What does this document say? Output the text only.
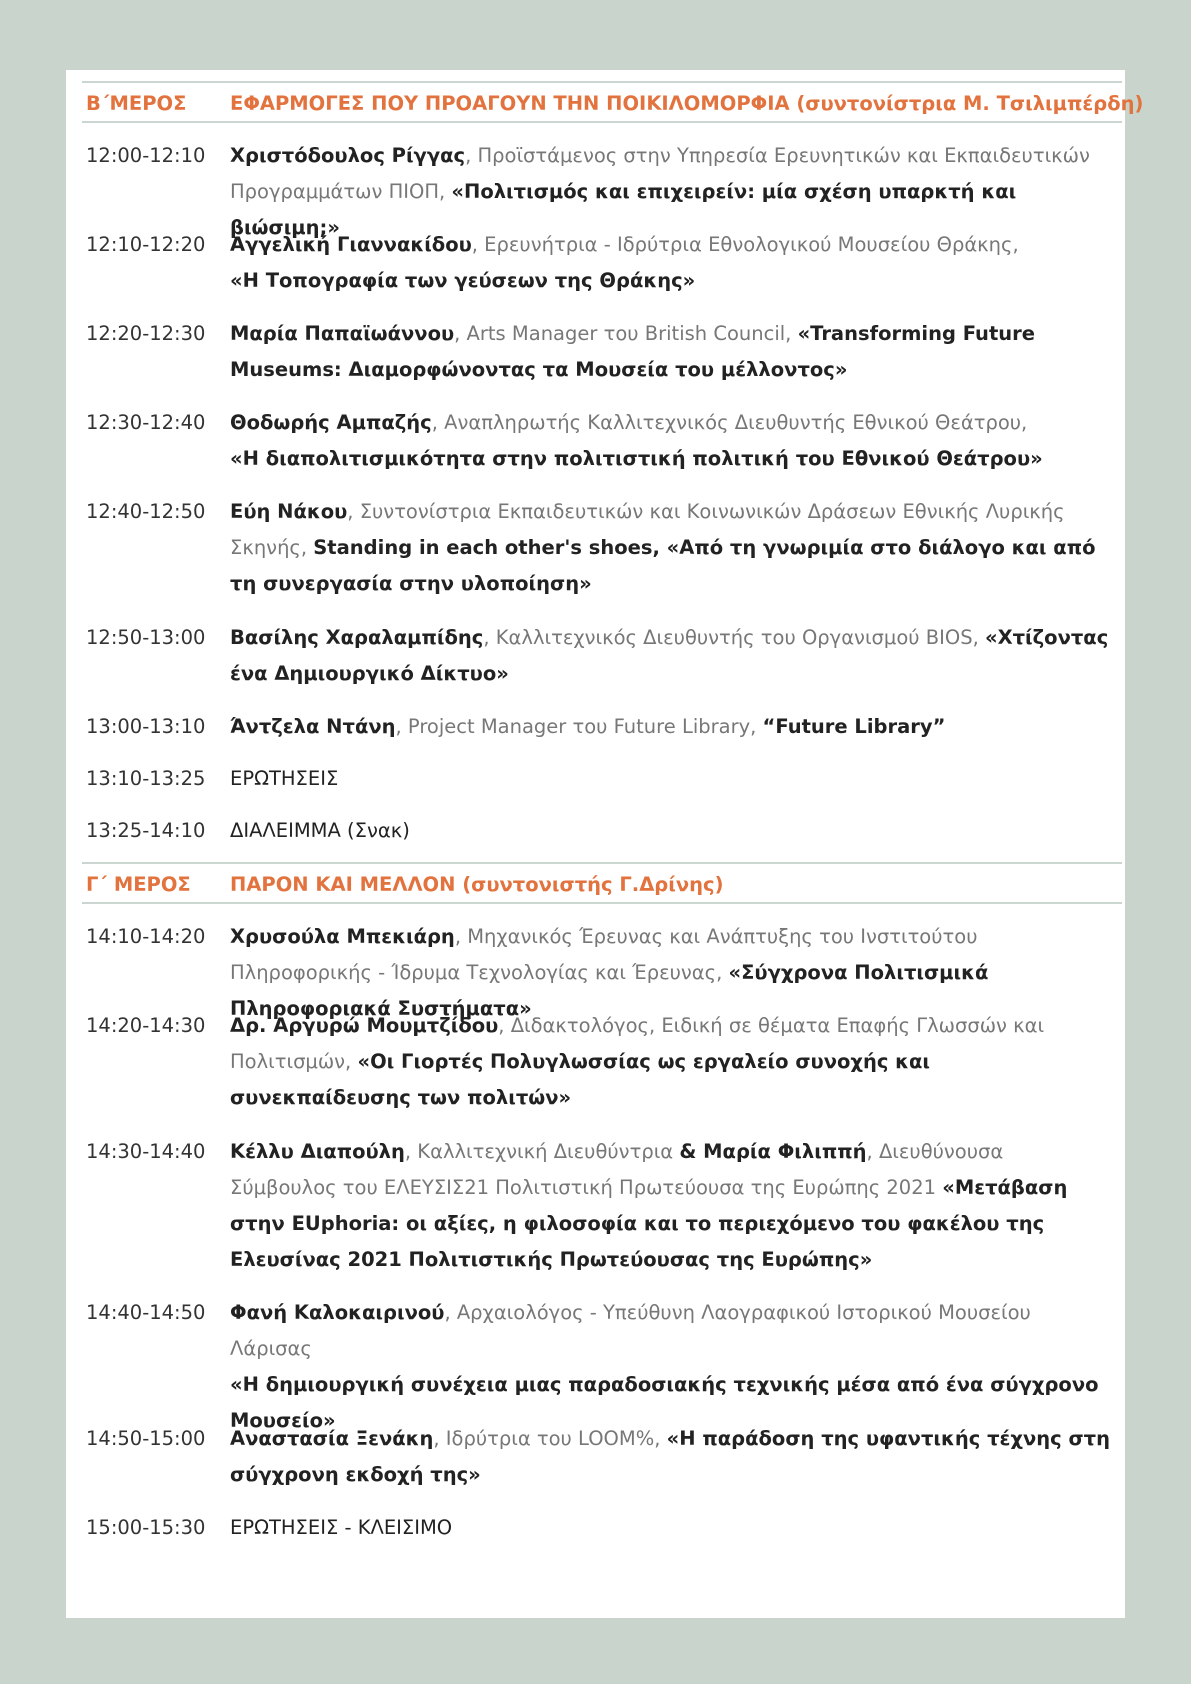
Β΄ΜΕΡΟΣ ΕΦΑΡΜΟΓΕΣ ΠΟΥ ΠΡΟΑΓΟΥΝ ΤΗΝ ΠΟΙΚΙΛΟΜΟΡΦΙΑ (συντονίστρια Μ. Τσιλιμπέρδη)
12:00-12:10	Χριστόδουλος Ρίγγας, Προϊστάμενος στην Υπηρεσία Ερευνητικών και Εκπαιδευτικών Προγραμμάτων ΠΙΟΠ, «Πολιτισμός και επιχειρείν: μία σχέση υπαρκτή και βιώσιμη;»
12:10-12:20	Αγγελική Γιαννακίδου, Ερευνήτρια - Ιδρύτρια Εθνολογικού Μουσείου Θράκης,
«Η Τοπογραφία των γεύσεων της Θράκης»
12:20-12:30	Μαρία Παπαϊωάννου, Arts Manager του British Council, «Transforming Future Museums: Διαμορφώνοντας τα Μουσεία του μέλλοντος»
12:30-12:40	Θοδωρής Αμπαζής, Αναπληρωτής Καλλιτεχνικός Διευθυντής Εθνικού Θεάτρου,
«Η διαπολιτισμικότητα στην πολιτιστική πολιτική του Εθνικού Θεάτρου»
12:40-12:50	Εύη Νάκου, Συντονίστρια Εκπαιδευτικών και Κοινωνικών Δράσεων Εθνικής Λυρικής Σκηνής, Standing in each other's shoes, «Από τη γνωριμία στο διάλογο και από τη συνεργασία στην υλοποίηση»
12:50-13:00	Βασίλης Χαραλαμπίδης, Καλλιτεχνικός Διευθυντής του Οργανισμού BIOS, «Χτίζοντας ένα Δημιουργικό Δίκτυο»
13:00-13:10	Άντζελα Ντάνη, Project Manager του Future Library, “Future Library”
13:10-13:25	ΕΡΩΤΗΣΕΙΣ
13:25-14:10	ΔΙΑΛΕΙΜΜΑ (Σνακ)
Γ΄ ΜΕΡΟΣ ΠΑΡΟΝ ΚΑΙ ΜΕΛΛΟΝ (συντονιστής Γ.Δρίνης)
14:10-14:20	Χρυσούλα Μπεκιάρη, Μηχανικός Έρευνας και Ανάπτυξης του Ινστιτούτου Πληροφορικής - Ίδρυμα Τεχνολογίας και Έρευνας, «Σύγχρονα Πολιτισμικά Πληροφοριακά Συστήματα»
14:20-14:30	Δρ. Αργυρώ Μουμτζίδου, Διδακτολόγος, Ειδική σε θέματα Επαφής Γλωσσών και Πολιτισμών, «Οι Γιορτές Πολυγλωσσίας ως εργαλείο συνοχής και συνεκπαίδευσης των πολιτών»
14:30-14:40	Κέλλυ Διαπούλη, Καλλιτεχνική Διευθύντρια & Μαρία Φιλιππή, Διευθύνουσα Σύμβουλος του ΕΛΕΥΣΙΣ21 Πολιτιστική Πρωτεύουσα της Ευρώπης 2021 «Μετάβαση στην EUphoria: οι αξίες, η φιλοσοφία και το περιεχόμενο του φακέλου της Ελευσίνας 2021 Πολιτιστικής Πρωτεύουσας της Ευρώπης»
14:40-14:50	Φανή Καλοκαιρινού, Αρχαιολόγος - Υπεύθυνη Λαογραφικού Ιστορικού Μουσείου Λάρισας
«Η δημιουργική συνέχεια μιας παραδοσιακής τεχνικής μέσα από ένα σύγχρονο Μουσείο»
14:50-15:00	Αναστασία Ξενάκη, Ιδρύτρια του LOOM%, «Η παράδοση της υφαντικής τέχνης στη σύγχρονη εκδοχή της»
15:00-15:30	ΕΡΩΤΗΣΕΙΣ - ΚΛΕΙΣΙΜΟ
